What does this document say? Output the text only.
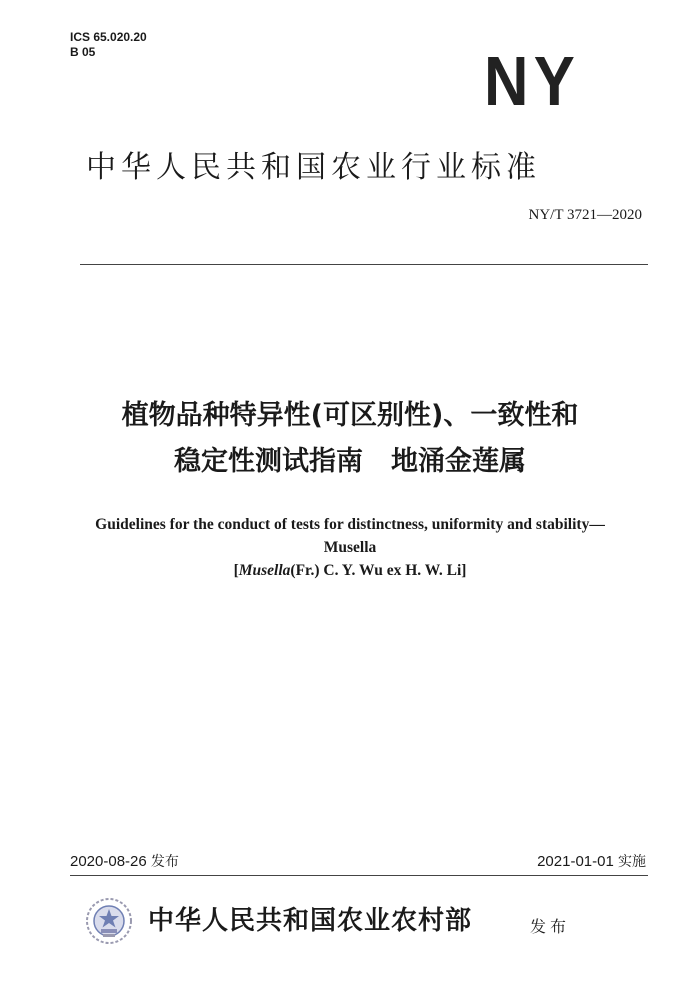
ICS 65.020.20
B 05	NY
中华人民共和国农业行业标准
NY/T 3721—2020
植物品种特异性(可区别性)、一致性和
稳定性测试指南 地涌金莲属
Guidelines for the conduct of tests for distinctness, uniformity and stability—
Musella
[Musella(Fr.) C. Y. Wu ex H. W. Li]
2020-08-26 发布	2021-01-01 实施
中华人民共和国农业农村部	发布
